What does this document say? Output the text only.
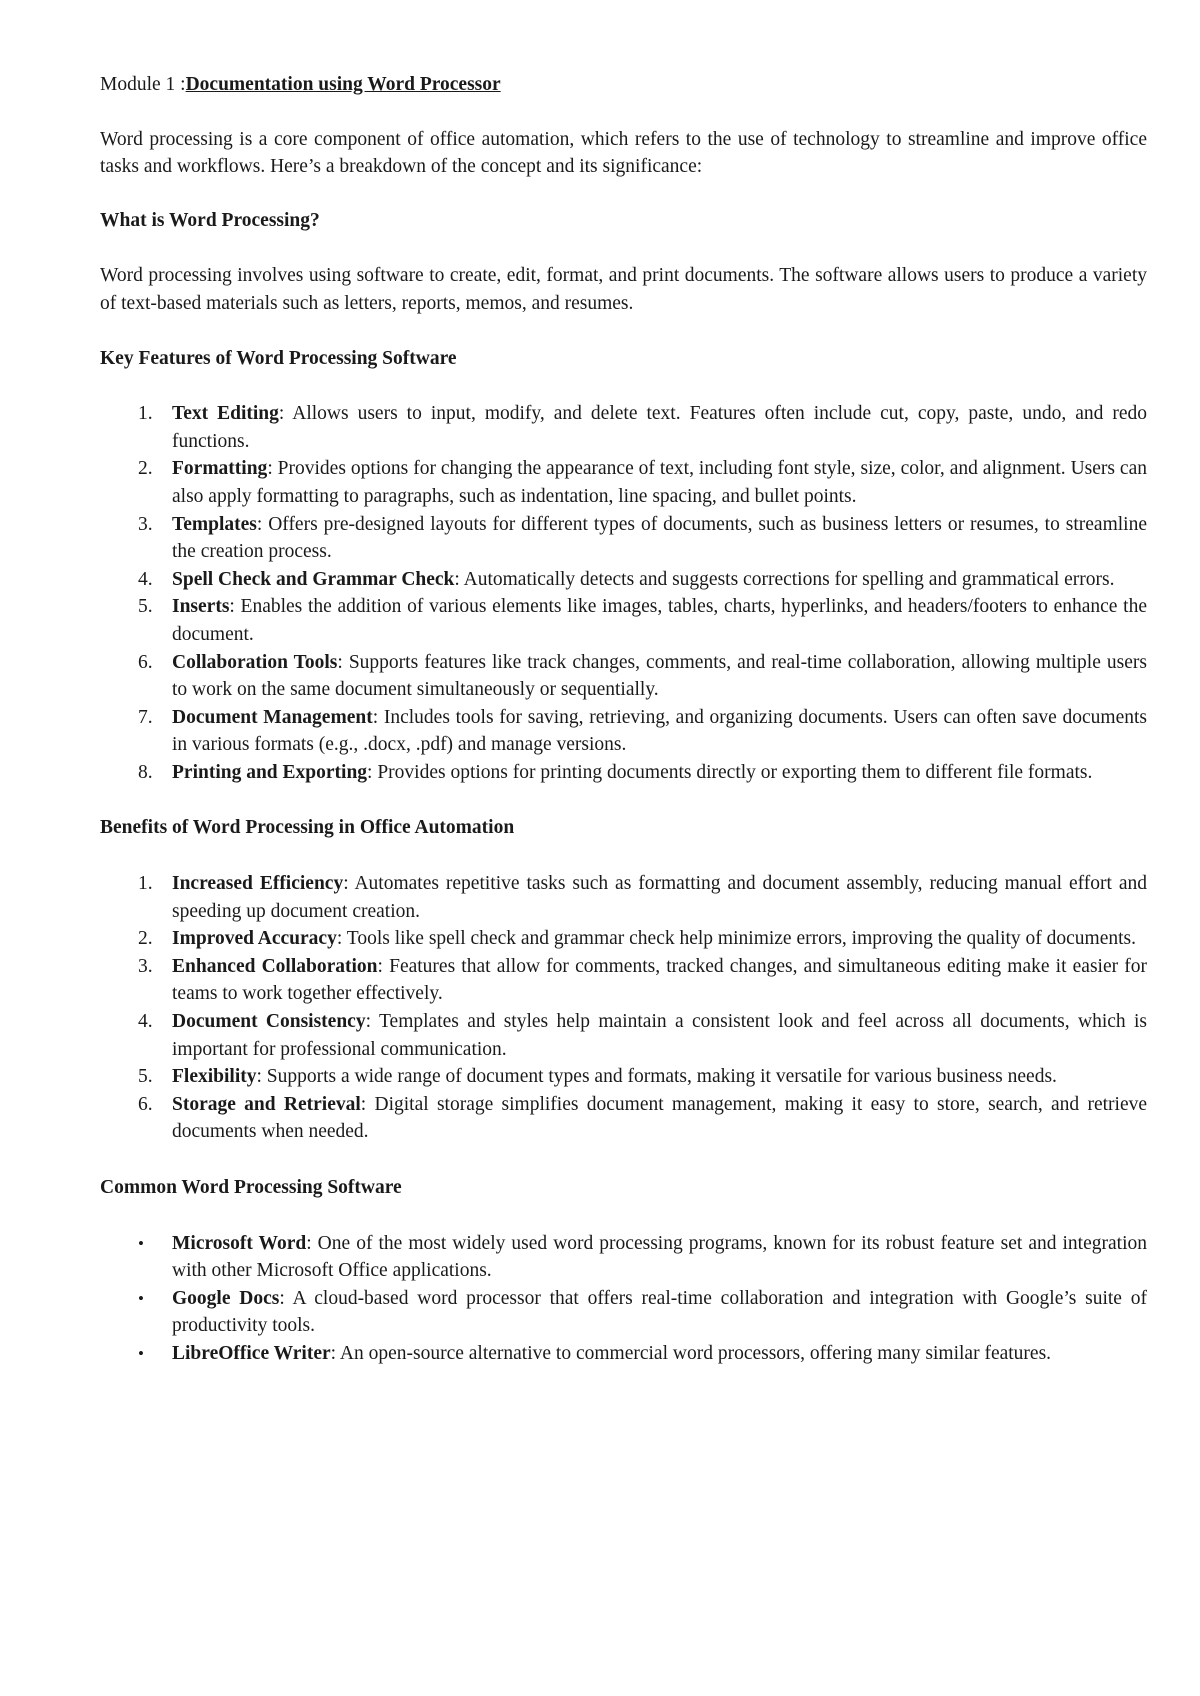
Module 1 :Documentation using Word Processor

Word processing is a core component of office automation, which refers to the use of technology to streamline and improve office tasks and workflows. Here’s a breakdown of the concept and its significance:

What is Word Processing?

Word processing involves using software to create, edit, format, and print documents. The software allows users to produce a variety of text-based materials such as letters, reports, memos, and resumes.

Key Features of Word Processing Software
1. Text Editing: Allows users to input, modify, and delete text. Features often include cut, copy, paste, undo, and redo functions.
2. Formatting: Provides options for changing the appearance of text, including font style, size, color, and alignment. Users can also apply formatting to paragraphs, such as indentation, line spacing, and bullet points.
3. Templates: Offers pre-designed layouts for different types of documents, such as business letters or resumes, to streamline the creation process.
4. Spell Check and Grammar Check: Automatically detects and suggests corrections for spelling and grammatical errors.
5. Inserts: Enables the addition of various elements like images, tables, charts, hyperlinks, and headers/footers to enhance the document.
6. Collaboration Tools: Supports features like track changes, comments, and real-time collaboration, allowing multiple users to work on the same document simultaneously or sequentially.
7. Document Management: Includes tools for saving, retrieving, and organizing documents. Users can often save documents in various formats (e.g., .docx, .pdf) and manage versions.
8. Printing and Exporting: Provides options for printing documents directly or exporting them to different file formats.
Benefits of Word Processing in Office Automation
1. Increased Efficiency: Automates repetitive tasks such as formatting and document assembly, reducing manual effort and speeding up document creation.
2. Improved Accuracy: Tools like spell check and grammar check help minimize errors, improving the quality of documents.
3. Enhanced Collaboration: Features that allow for comments, tracked changes, and simultaneous editing make it easier for teams to work together effectively.
4. Document Consistency: Templates and styles help maintain a consistent look and feel across all documents, which is important for professional communication.
5. Flexibility: Supports a wide range of document types and formats, making it versatile for various business needs.
6. Storage and Retrieval: Digital storage simplifies document management, making it easy to store, search, and retrieve documents when needed.
Common Word Processing Software
• Microsoft Word: One of the most widely used word processing programs, known for its robust feature set and integration with other Microsoft Office applications.
• Google Docs: A cloud-based word processor that offers real-time collaboration and integration with Google’s suite of productivity tools.
• LibreOffice Writer: An open-source alternative to commercial word processors, offering many similar features.
